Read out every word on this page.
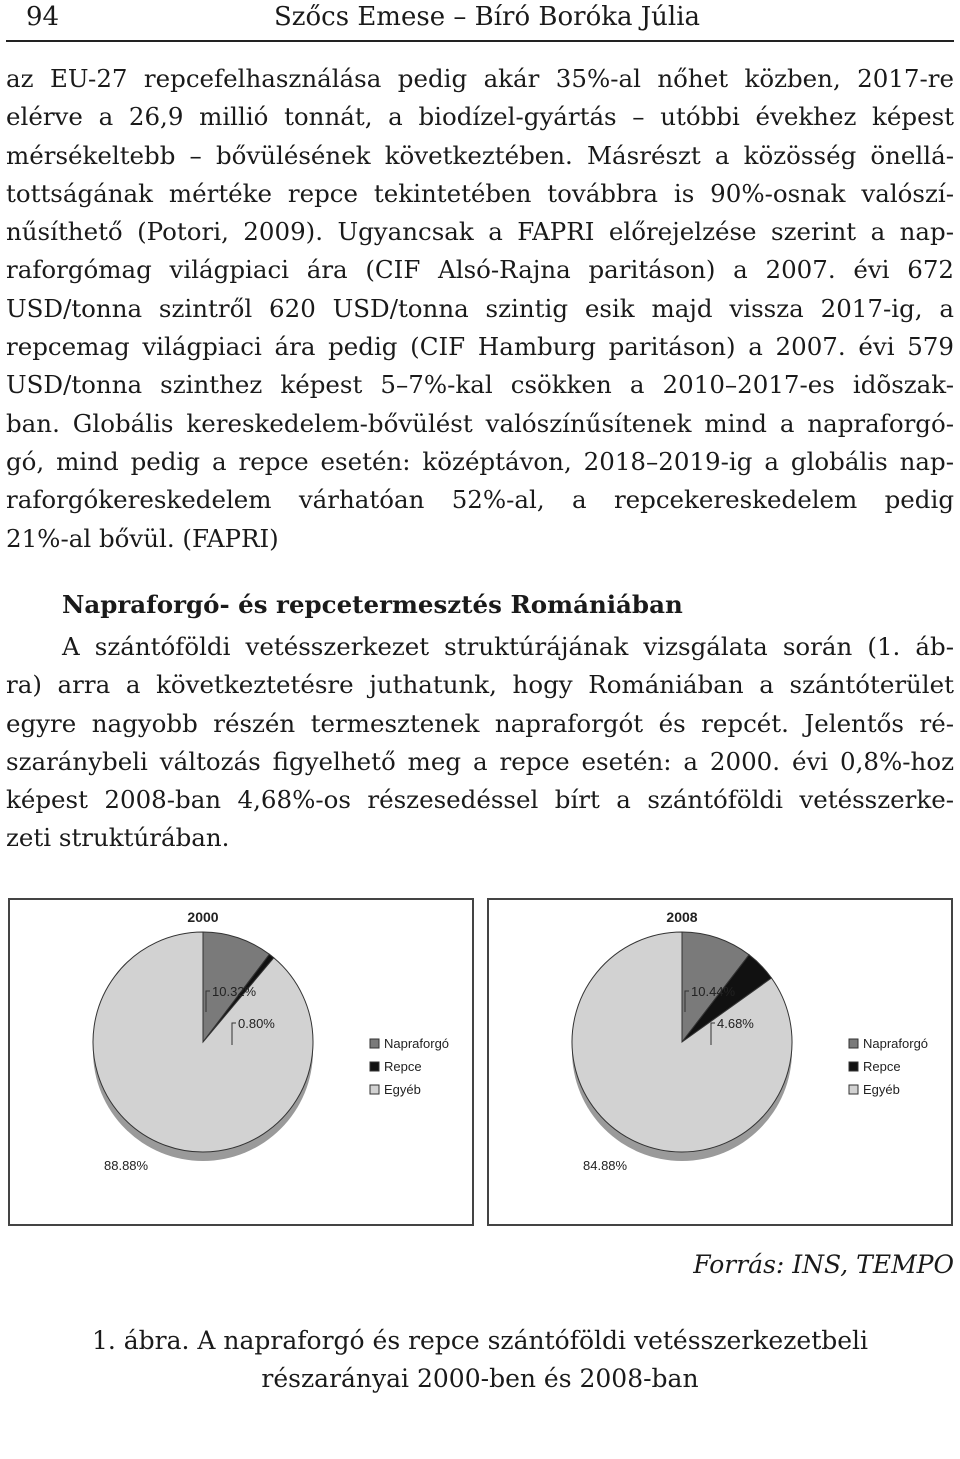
94	Szőcs Emese – Bíró Boróka Júlia
az EU-27 repcefelhasználása pedig akár 35%-al nőhet közben, 2017-re
elérve a 26,9 millió tonnát, a biodízel-gyártás – utóbbi évekhez képest
mérsékeltebb – bővülésének következtében. Másrészt a közösség önellá-
tottságának mértéke repce tekintetében továbbra is 90%-osnak valószí-
nűsíthető (Potori, 2009). Ugyancsak a FAPRI előrejelzése szerint a nap-
raforgómag világpiaci ára (CIF Alsó-Rajna paritáson) a 2007. évi 672
USD/tonna szintről 620 USD/tonna szintig esik majd vissza 2017-ig, a
repcemag világpiaci ára pedig (CIF Hamburg paritáson) a 2007. évi 579
USD/tonna szinthez képest 5–7%-kal csökken a 2010–2017-es idõszak-
ban. Globális kereskedelem-bővülést valószínűsítenek mind a napraforgó-
gó, mind pedig a repce esetén: középtávon, 2018–2019-ig a globális nap-
raforgókereskedelem várhatóan 52%-al, a repcekereskedelem pedig
21%-al bővül. (FAPRI)
Napraforgó- és repcetermesztés Romániában
A szántóföldi vetésszerkezet struktúrájának vizsgálata során (1. áb-
ra) arra a következtetésre juthatunk, hogy Romániában a szántóterület
egyre nagyobb részén termesztenek napraforgót és repcét. Jelentős ré-
szaránybeli változás figyelhető meg a repce esetén: a 2000. évi 0,8%-hoz
képest 2008-ban 4,68%-os részesedéssel bírt a szántóföldi vetésszerke-
zeti struktúrában.
2000
10.32%
0.80%
88.88%
Napraforgó
Repce
Egyéb
2008
10.44%
4.68%
84.88%
Napraforgó
Repce
Egyéb
Forrás: INS, TEMPO
1. ábra. A napraforgó és repce szántóföldi vetésszerkezetbeli
részarányai 2000-ben és 2008-ban
